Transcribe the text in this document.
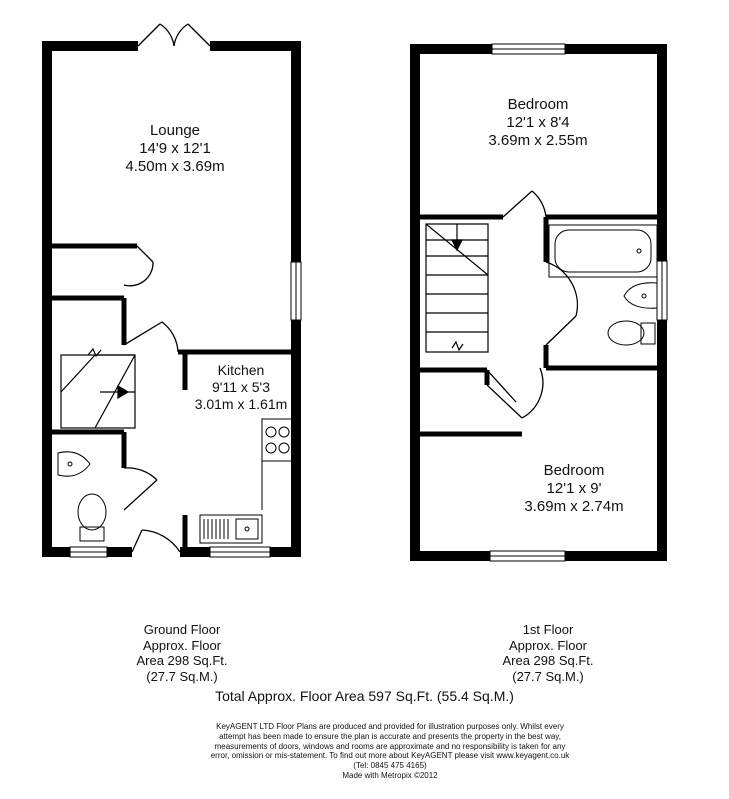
Lounge
14'9 x 12'1
4.50m x 3.69m
Kitchen
9'11 x 5'3
3.01m x 1.61m
Bedroom
12'1 x 8'4
3.69m x 2.55m
Bedroom
12'1 x 9'
3.69m x 2.74m
Ground Floor
Approx. Floor
Area 298 Sq.Ft.
(27.7 Sq.M.)
1st Floor
Approx. Floor
Area 298 Sq.Ft.
(27.7 Sq.M.)
Total Approx. Floor Area 597 Sq.Ft. (55.4 Sq.M.)
KeyAGENT LTD Floor Plans are produced and provided for illustration purposes only. Whilst every
attempt has been made to ensure the plan is accurate and presents the property in the best way,
measurements of doors, windows and rooms are approximate and no responsibility is taken for any
error, omission or mis-statement. To find out more about KeyAGENT please visit www.keyagent.co.uk
(Tel: 0845 475 4165)
Made with Metropix ©2012
